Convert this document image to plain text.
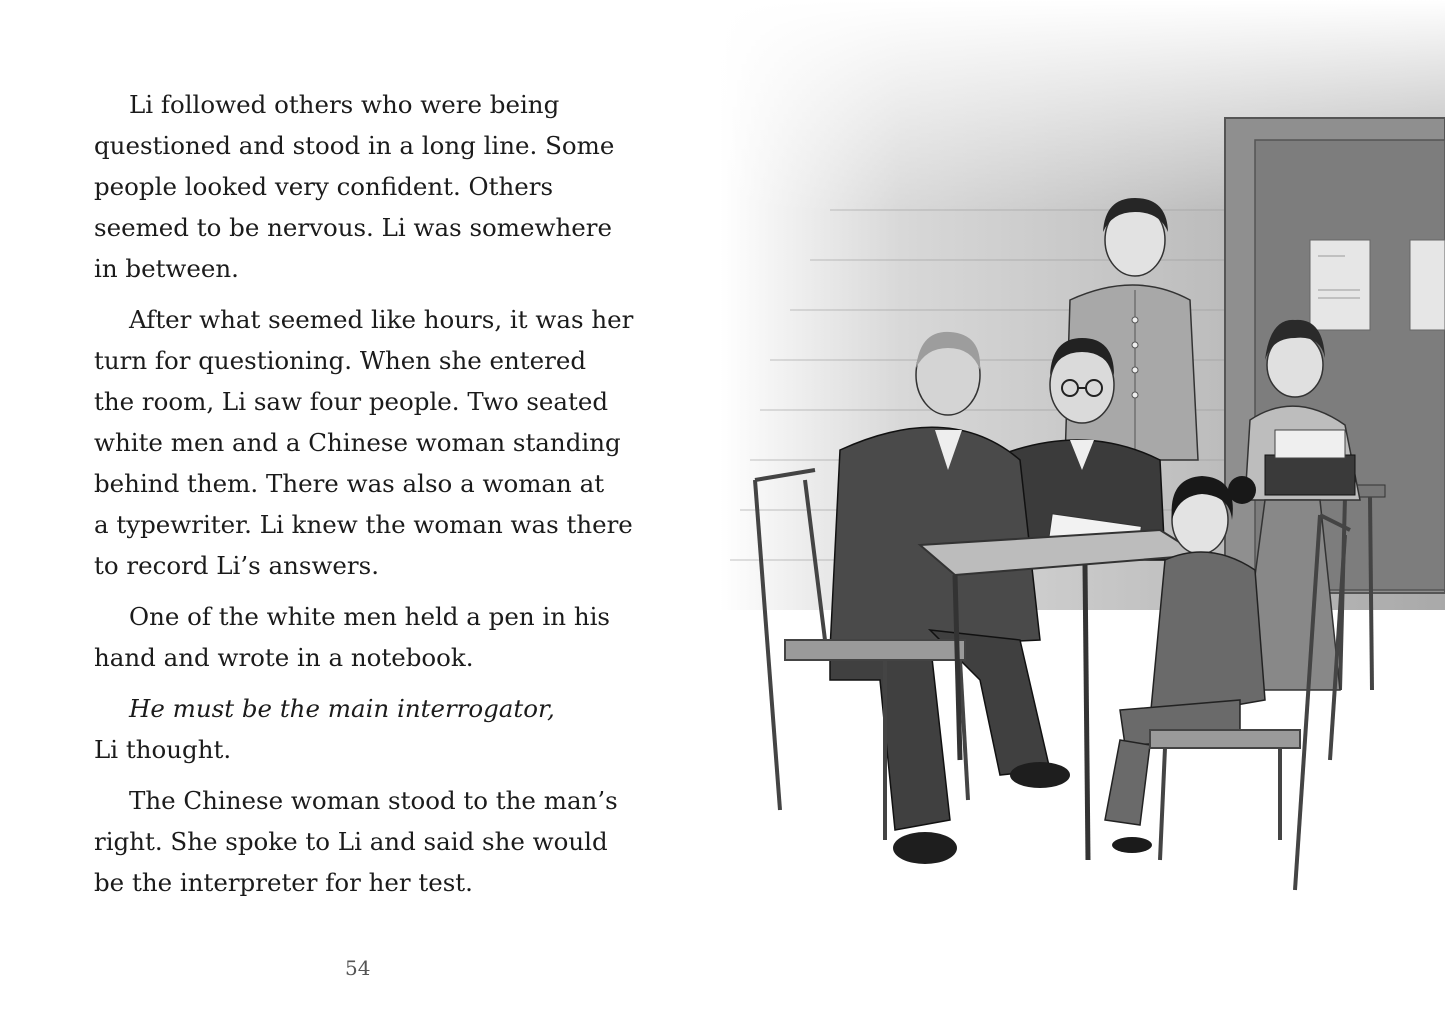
Li followed others who were being
questioned and stood in a long line. Some
people looked very confident. Others
seemed to be nervous. Li was somewhere
in between.

After what seemed like hours, it was her
turn for questioning. When she entered
the room, Li saw four people. Two seated
white men and a Chinese woman standing
behind them. There was also a woman at
a typewriter. Li knew the woman was there
to record Li’s answers.

One of the white men held a pen in his
hand and wrote in a notebook.

He must be the main interrogator,
Li thought.

The Chinese woman stood to the man’s
right. She spoke to Li and said she would
be the interpreter for her test.

54
